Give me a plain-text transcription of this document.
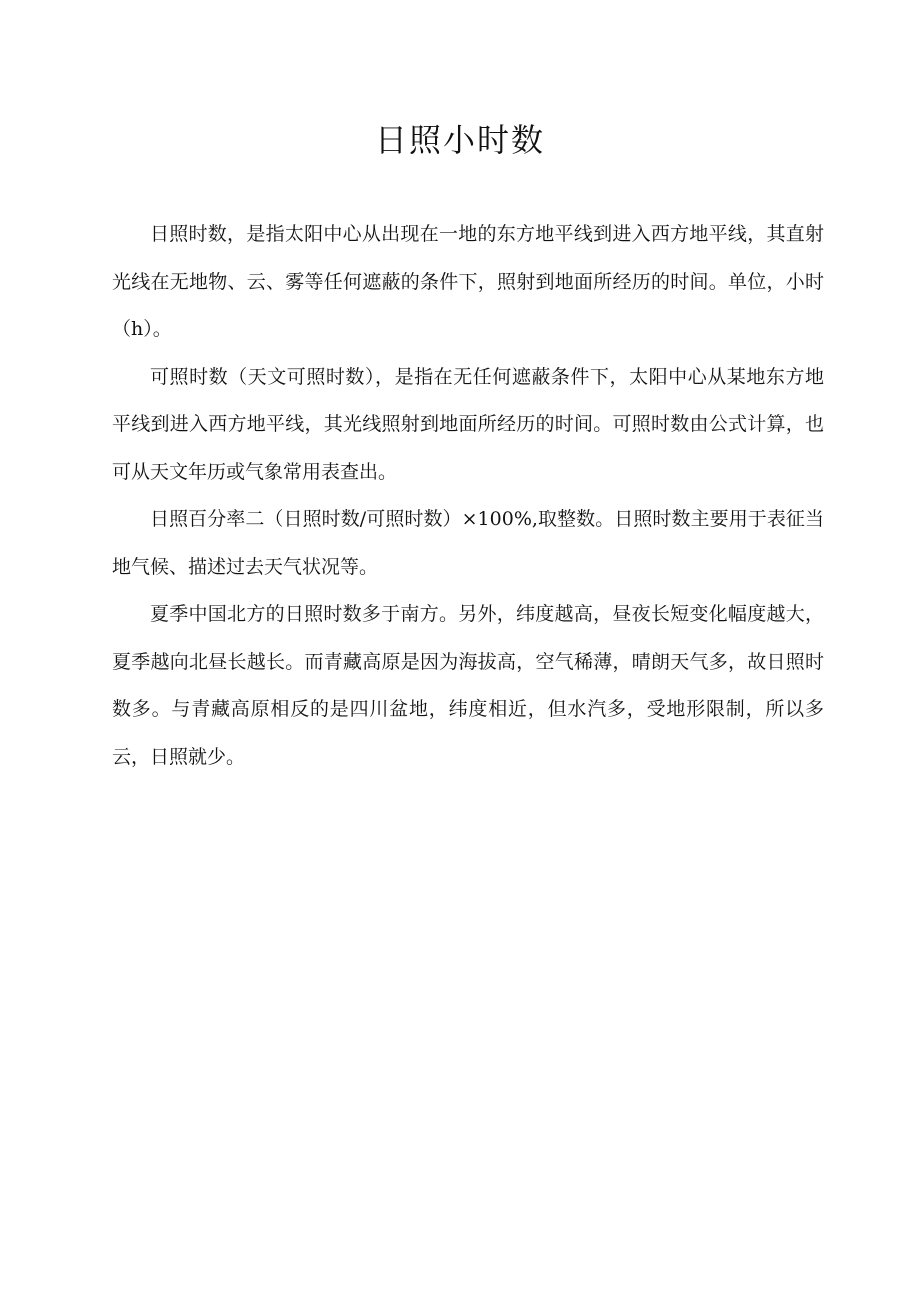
日照小时数

日照时数，是指太阳中心从出现在一地的东方地平线到进入西方地平线，其直射光线在无地物、云、雾等任何遮蔽的条件下，照射到地面所经历的时间。单位，小时（h）。

可照时数（天文可照时数），是指在无任何遮蔽条件下，太阳中心从某地东方地平线到进入西方地平线，其光线照射到地面所经历的时间。可照时数由公式计算，也可从天文年历或气象常用表查出。

日照百分率二（日照时数/可照时数）×100%,取整数。日照时数主要用于表征当地气候、描述过去天气状况等。

夏季中国北方的日照时数多于南方。另外，纬度越高，昼夜长短变化幅度越大，夏季越向北昼长越长。而青藏高原是因为海拔高，空气稀薄，晴朗天气多，故日照时数多。与青藏高原相反的是四川盆地，纬度相近，但水汽多，受地形限制，所以多云，日照就少。
